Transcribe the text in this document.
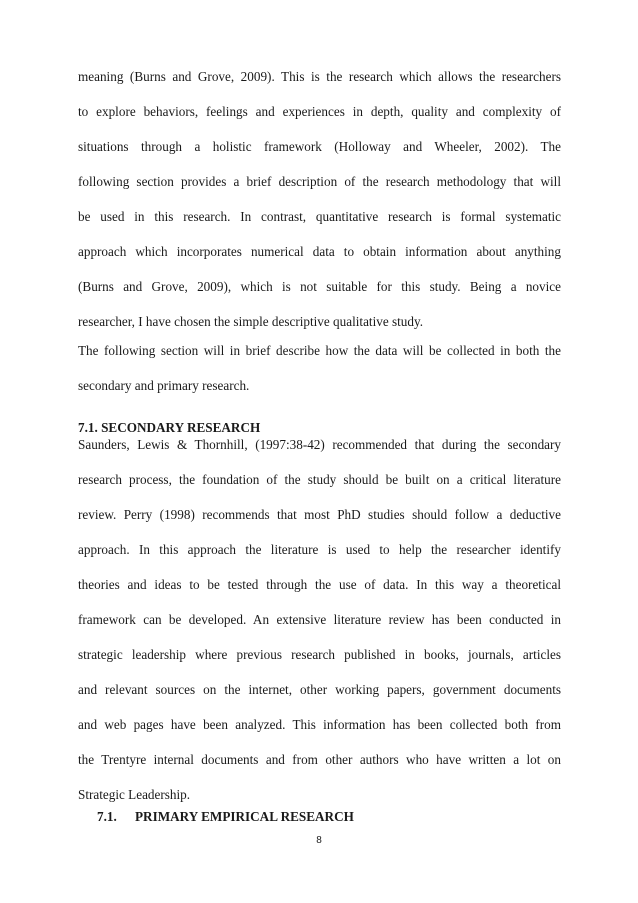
meaning (Burns and Grove, 2009). This is the research which allows the researchers
to explore behaviors, feelings and experiences in depth, quality and complexity of
situations through a holistic framework (Holloway and Wheeler, 2002). The
following section provides a brief description of the research methodology that will
be used in this research. In contrast, quantitative research is formal systematic
approach which incorporates numerical data to obtain information about anything
(Burns and Grove, 2009), which is not suitable for this study. Being a novice
researcher, I have chosen the simple descriptive qualitative study.
The following section will in brief describe how the data will be collected in both the
secondary and primary research.
7.1. SECONDARY RESEARCH
Saunders, Lewis & Thornhill, (1997:38-42) recommended that during the secondary
research process, the foundation of the study should be built on a critical literature
review. Perry (1998) recommends that most PhD studies should follow a deductive
approach. In this approach the literature is used to help the researcher identify
theories and ideas to be tested through the use of data. In this way a theoretical
framework can be developed. An extensive literature review has been conducted in
strategic leadership where previous research published in books, journals, articles
and relevant sources on the internet, other working papers, government documents
and web pages have been analyzed. This information has been collected both from
the Trentyre internal documents and from other authors who have written a lot on
Strategic Leadership.
7.1. PRIMARY EMPIRICAL RESEARCH
8
